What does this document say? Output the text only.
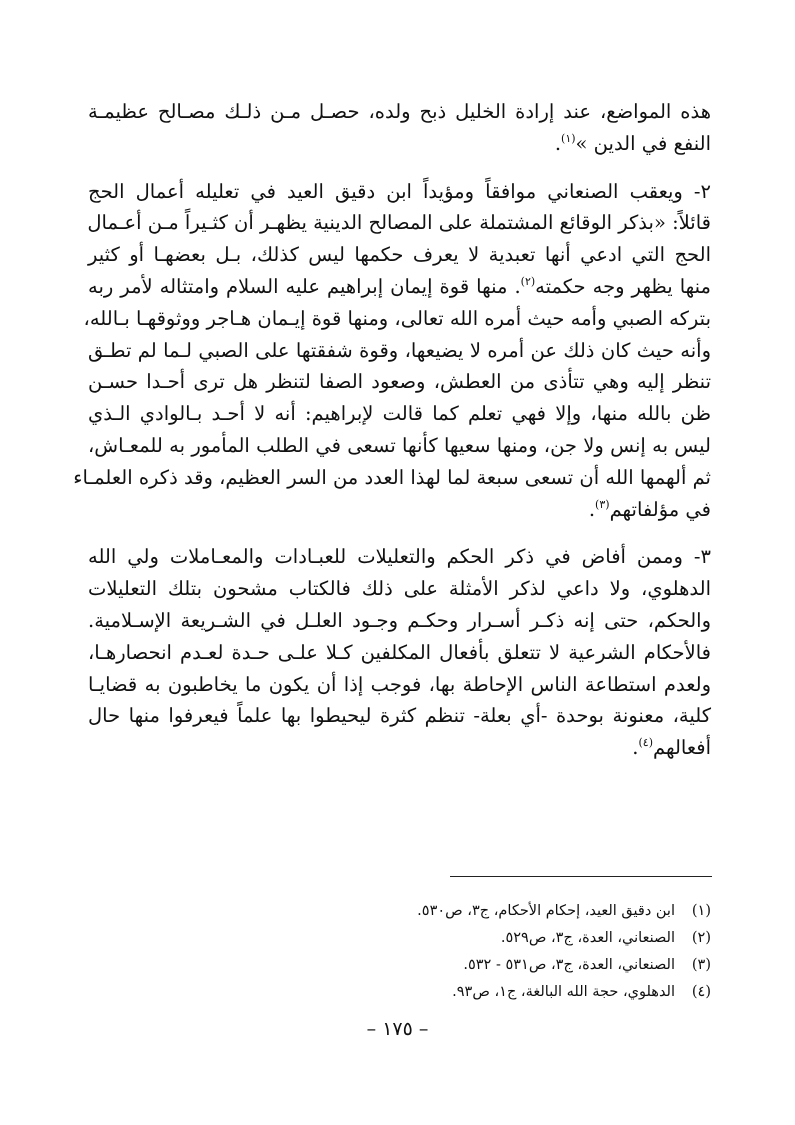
هذه المواضع، عند إرادة الخليل ذبح ولده، حصـل مـن ذلـك مصـالح عظيمـة
النفع في الدين »$^{(١)}$.
٢- ويعقب الصنعاني موافقاً ومؤيداً ابن دقيق العيد في تعليله أعمال الحج
قائلاً: «بذكر الوقائع المشتملة على المصالح الدينية يظهـر أن كثـيراً مـن أعـمال
الحج التي ادعي أنها تعبدية لا يعرف حكمها ليس كذلك، بـل بعضهـا أو كثير
منها يظهر وجه حكمته$^{(٢)}$. منها قوة إيمان إبراهيم عليه السلام وامتثاله لأمر ربه
بتركه الصبي وأمه حيث أمره الله تعالى، ومنها قوة إيـمان هـاجر ووثوقهـا بـالله،
وأنه حيث كان ذلك عن أمره لا يضيعها، وقوة شفقتها على الصبي لـما لم تطـق
تنظر إليه وهي تتأذى من العطش، وصعود الصفا لتنظر هل ترى أحـدا حسـن
ظن بالله منها، وإلا فهي تعلم كما قالت لإبراهيم: أنه لا أحـد بـالوادي الـذي
ليس به إنس ولا جن، ومنها سعيها كأنها تسعى في الطلب المأمور به للمعـاش،
ثم ألهمها الله أن تسعى سبعة لما لهذا العدد من السر العظيم، وقد ذكره العلمـاء
في مؤلفاتهم$^{(٣)}$.
٣- وممن أفاض في ذكر الحكم والتعليلات للعبـادات والمعـاملات ولي الله
الدهلوي، ولا داعي لذكر الأمثلة على ذلك فالكتاب مشحون بتلك التعليلات
والحكم، حتى إنه ذكـر أسـرار وحكـم وجـود العلـل في الشـريعة الإسـلامية.
فالأحكام الشرعية لا تتعلق بأفعال المكلفين كـلا علـى حـدة لعـدم انحصارهـا،
ولعدم استطاعة الناس الإحاطة بها، فوجب إذا أن يكون ما يخاطبون به قضايـا
كلية، معنونة بوحدة -أي بعلة- تنظم كثرة ليحيطوا بها علماً فيعرفوا منها حال
أفعالهم$^{(٤)}$.
(١)ابن دقيق العيد، إحكام الأحكام، ج٣، ص٥٣٠.
(٢)الصنعاني، العدة، ج٣، ص٥٢٩.
(٣)الصنعاني، العدة، ج٣، ص٥٣١ - ٥٣٢.
(٤)الدهلوي، حجة الله البالغة، ج١، ص٩٣.
– ١٧٥ –
